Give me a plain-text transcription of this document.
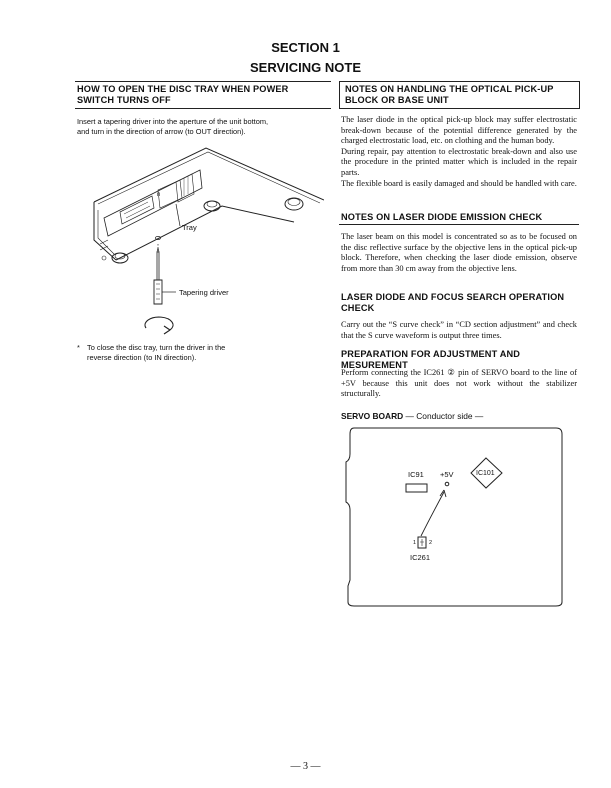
SECTION 1
SERVICING NOTE
HOW TO OPEN THE DISC TRAY WHEN POWER
SWITCH TURNS OFF
Insert a tapering driver into the aperture of the unit bottom,
and turn in the direction of arrow (to OUT direction).
Tray
Tapering driver
n
* To close the disc tray, turn the driver in the
reverse direction (to IN direction).
NOTES ON HANDLING THE OPTICAL PICK-UP
BLOCK OR BASE UNIT

The laser diode in the optical pick-up block may suffer electrostatic break-down because of the potential difference generated by the charged electrostatic load, etc. on clothing and the human body.

During repair, pay attention to electrostatic break-down and also use the procedure in the printed matter which is included in the repair parts.

The flexible board is easily damaged and should be handled with care.

NOTES ON LASER DIODE EMISSION CHECK
The laser beam on this model is concentrated so as to be focused on the disc reflective surface by the objective lens in the optical pick-up block. Therefore, when checking the laser diode emission, observe from more than 30 cm away from the objective lens.
LASER DIODE AND FOCUS SEARCH OPERATION
CHECK
Carry out the “S curve check” in “CD section adjustment” and check that the S curve waveform is output three times.
PREPARATION FOR ADJUSTMENT AND MESUREMENT
Perform connecting the IC261 ② pin of SERVO board to the line of +5V because this unit does not work without the stabilizer structurally.
SERVO BOARD — Conductor side —
IC91 +5V	IC101
1 2
IC261
— 3 —
